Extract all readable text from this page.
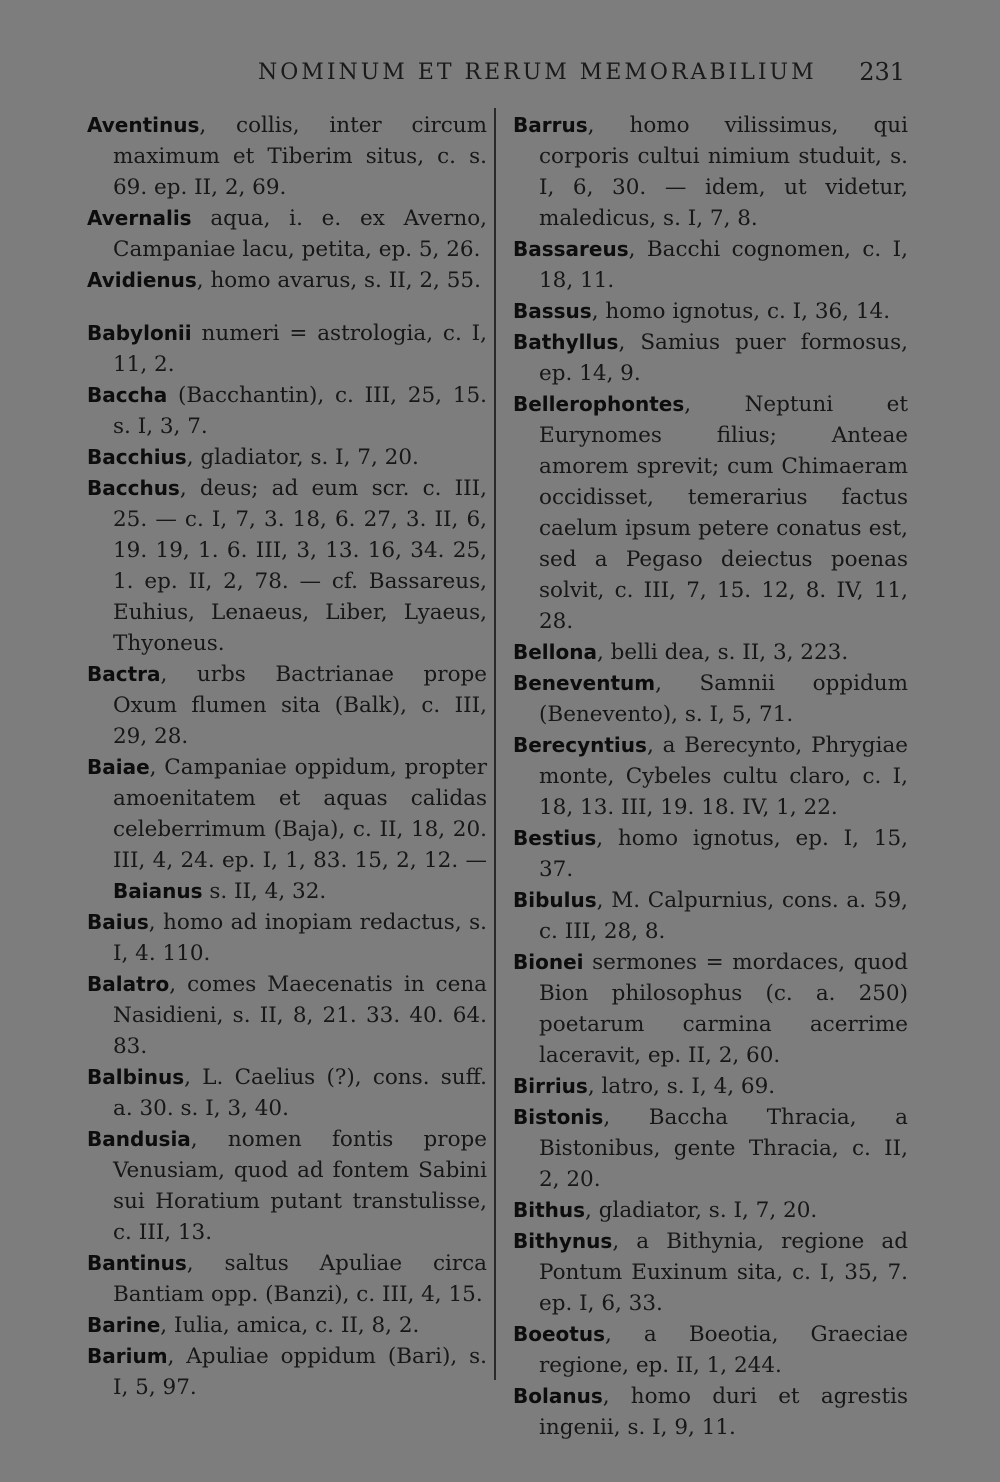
NOMINUM ET RERUM MEMORABILIUM 231

Aventinus, collis, inter circum maximum et Tiberim situs, c. s. 69. ep. II, 2, 69.

Avernalis aqua, i. e. ex Averno, Campaniae lacu, petita, ep. 5, 26.

Avidienus, homo avarus, s. II, 2, 55.

Babylonii numeri = astrologia, c. I, 11, 2.

Baccha (Bacchantin), c. III, 25, 15. s. I, 3, 7.

Bacchius, gladiator, s. I, 7, 20.

Bacchus, deus; ad eum scr. c. III, 25. — c. I, 7, 3. 18, 6. 27, 3. II, 6, 19. 19, 1. 6. III, 3, 13. 16, 34. 25, 1. ep. II, 2, 78. — cf. Bassareus, Euhius, Lenaeus, Liber, Lyaeus, Thyoneus.

Bactra, urbs Bactrianae prope Oxum flumen sita (Balk), c. III, 29, 28.

Baiae, Campaniae oppidum, propter amoenitatem et aquas calidas celeberrimum (Baja), c. II, 18, 20. III, 4, 24. ep. I, 1, 83. 15, 2, 12. — Baianus s. II, 4, 32.

Baius, homo ad inopiam redactus, s. I, 4. 110.

Balatro, comes Maecenatis in cena Nasidieni, s. II, 8, 21. 33. 40. 64. 83.

Balbinus, L. Caelius (?), cons. suff. a. 30. s. I, 3, 40.

Bandusia, nomen fontis prope Venusiam, quod ad fontem Sabini sui Horatium putant transtulisse, c. III, 13.

Bantinus, saltus Apuliae circa Bantiam opp. (Banzi), c. III, 4, 15.

Barine, Iulia, amica, c. II, 8, 2.

Barium, Apuliae oppidum (Bari), s. I, 5, 97.

Barrus, homo vilissimus, qui corporis cultui nimium studuit, s. I, 6, 30. — idem, ut videtur, maledicus, s. I, 7, 8.

Bassareus, Bacchi cognomen, c. I, 18, 11.

Bassus, homo ignotus, c. I, 36, 14.

Bathyllus, Samius puer formosus, ep. 14, 9.

Bellerophontes, Neptuni et Eurynomes filius; Anteae amorem sprevit; cum Chimaeram occidisset, temerarius factus caelum ipsum petere conatus est, sed a Pegaso deiectus poenas solvit, c. III, 7, 15. 12, 8. IV, 11, 28.

Bellona, belli dea, s. II, 3, 223.

Beneventum, Samnii oppidum (Benevento), s. I, 5, 71.

Berecyntius, a Berecynto, Phrygiae monte, Cybeles cultu claro, c. I, 18, 13. III, 19. 18. IV, 1, 22.

Bestius, homo ignotus, ep. I, 15, 37.

Bibulus, M. Calpurnius, cons. a. 59, c. III, 28, 8.

Bionei sermones = mordaces, quod Bion philosophus (c. a. 250) poetarum carmina acerrime laceravit, ep. II, 2, 60.

Birrius, latro, s. I, 4, 69.

Bistonis, Baccha Thracia, a Bistonibus, gente Thracia, c. II, 2, 20.

Bithus, gladiator, s. I, 7, 20.

Bithynus, a Bithynia, regione ad Pontum Euxinum sita, c. I, 35, 7. ep. I, 6, 33.

Boeotus, a Boeotia, Graeciae regione, ep. II, 1, 244.

Bolanus, homo duri et agrestis ingenii, s. I, 9, 11.
